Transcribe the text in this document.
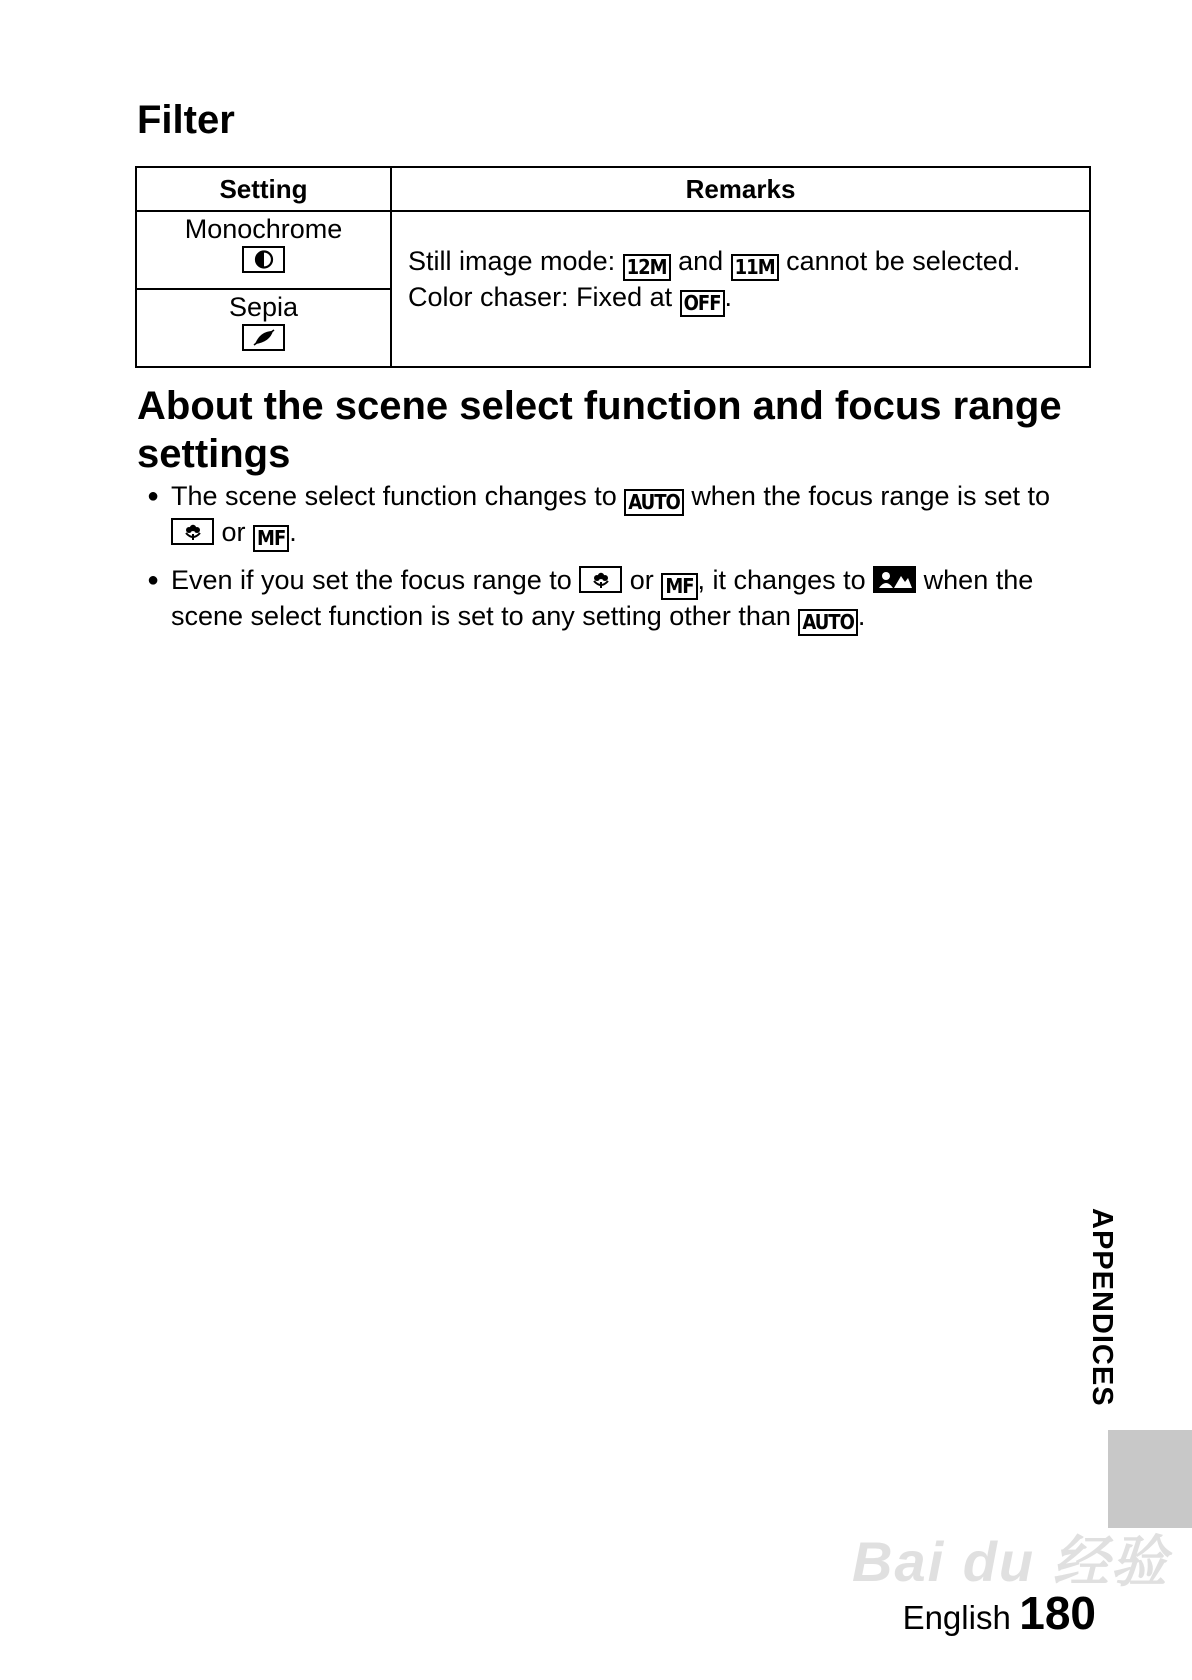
Filter
Setting	Remarks

Monochrome	Still image mode: 12M and 11M cannot be selected.
Color chaser: Fixed at OFF .

Sepia	
About the scene select function and focus range settings
● The scene select function changes to AUTO when the focus range is set to
or MF .
● Even if you set the focus range to or MF , it changes to when the scene select function is set to any setting other than AUTO .
APPENDICES
Bai du 经验
English 180
